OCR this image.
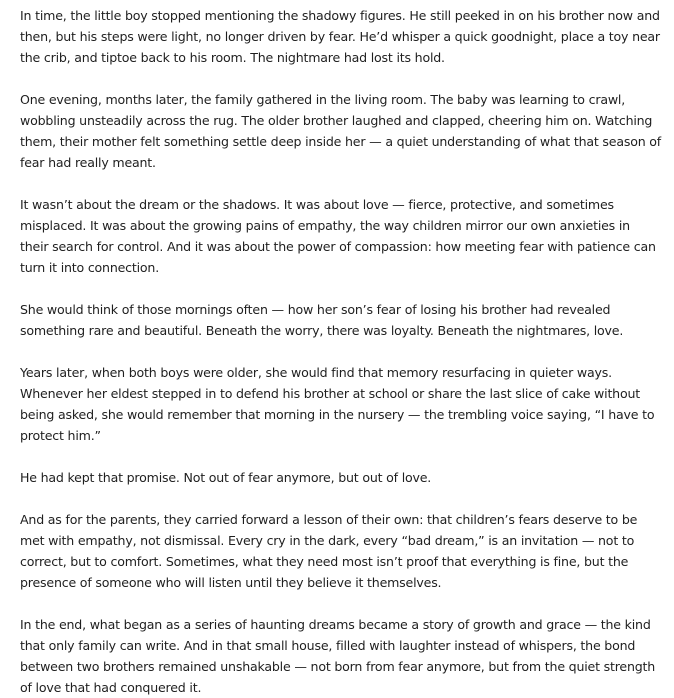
In time, the little boy stopped mentioning the shadowy figures. He still peeked in on his brother now and then, but his steps were light, no longer driven by fear. He’d whisper a quick goodnight, place a toy near the crib, and tiptoe back to his room. The nightmare had lost its hold.

One evening, months later, the family gathered in the living room. The baby was learning to crawl, wobbling unsteadily across the rug. The older brother laughed and clapped, cheering him on. Watching them, their mother felt something settle deep inside her — a quiet understanding of what that season of fear had really meant.

It wasn’t about the dream or the shadows. It was about love — fierce, protective, and sometimes misplaced. It was about the growing pains of empathy, the way children mirror our own anxieties in their search for control. And it was about the power of compassion: how meeting fear with patience can turn it into connection.

She would think of those mornings often — how her son’s fear of losing his brother had revealed something rare and beautiful. Beneath the worry, there was loyalty. Beneath the nightmares, love.

Years later, when both boys were older, she would find that memory resurfacing in quieter ways. Whenever her eldest stepped in to defend his brother at school or share the last slice of cake without being asked, she would remember that morning in the nursery — the trembling voice saying, “I have to protect him.”

He had kept that promise. Not out of fear anymore, but out of love.

And as for the parents, they carried forward a lesson of their own: that children’s fears deserve to be met with empathy, not dismissal. Every cry in the dark, every “bad dream,” is an invitation — not to correct, but to comfort. Sometimes, what they need most isn’t proof that everything is fine, but the presence of someone who will listen until they believe it themselves.

In the end, what began as a series of haunting dreams became a story of growth and grace — the kind that only family can write. And in that small house, filled with laughter instead of whispers, the bond between two brothers remained unshakable — not born from fear anymore, but from the quiet strength of love that had conquered it.
